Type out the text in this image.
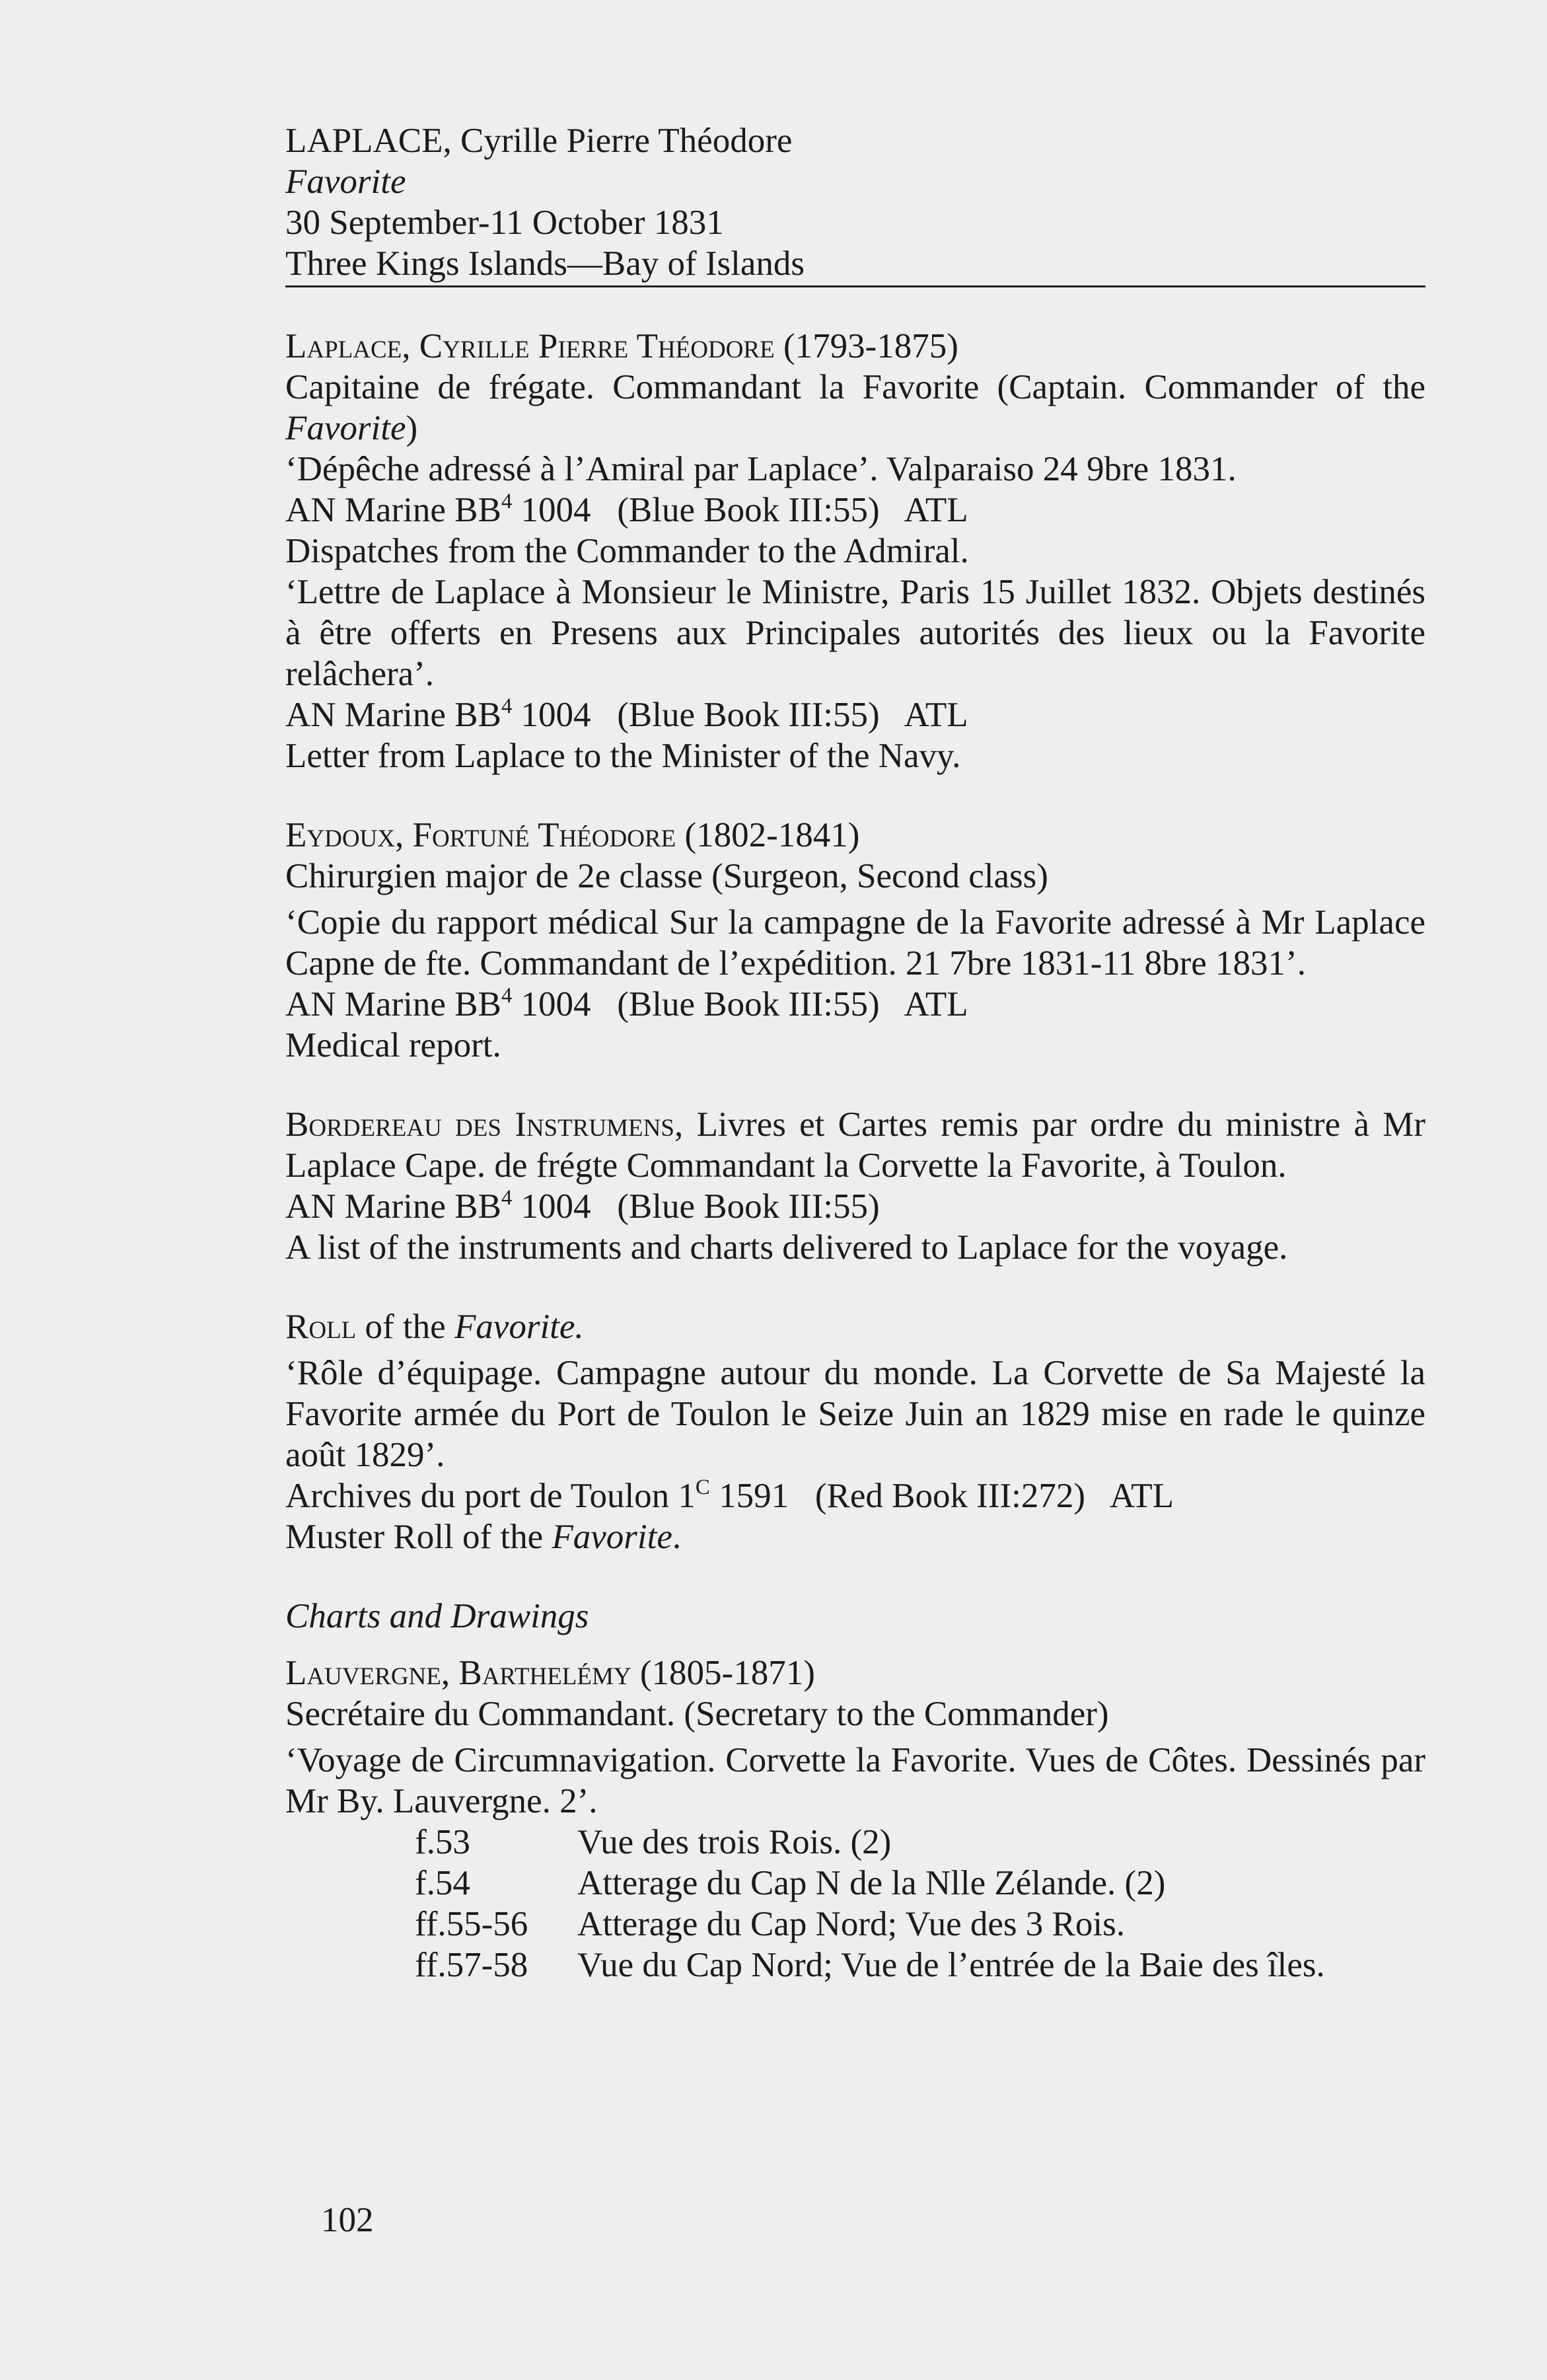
LAPLACE, Cyrille Pierre Théodore
Favorite
30 September-11 October 1831
Three Kings Islands—Bay of Islands
Laplace, Cyrille Pierre Théodore (1793-1875)
Capitaine de frégate. Commandant la Favorite (Captain. Commander of the Favorite)
‘Dépêche adressé à l’Amiral par Laplace’. Valparaiso 24 9bre 1831.
AN Marine $BB^4$ 1004   (Blue Book III:55)   ATL
Dispatches from the Commander to the Admiral.
‘Lettre de Laplace à Monsieur le Ministre, Paris 15 Juillet 1832. Objets destinés à être offerts en Presens aux Principales autorités des lieux ou la Favorite relâchera’.
AN Marine $BB^4$ 1004   (Blue Book III:55)   ATL
Letter from Laplace to the Minister of the Navy.
Eydoux, Fortuné Théodore (1802-1841)
Chirurgien major de 2e classe (Surgeon, Second class)
‘Copie du rapport médical Sur la campagne de la Favorite adressé à Mr Laplace Capne de fte. Commandant de l’expédition. 21 7bre 1831-11 8bre 1831’.
AN Marine $BB^4$ 1004   (Blue Book III:55)   ATL
Medical report.
Bordereau des Instrumens, Livres et Cartes remis par ordre du ministre à Mr Laplace Cape. de frégte Commandant la Corvette la Favorite, à Toulon.
AN Marine $BB^4$ 1004   (Blue Book III:55)
A list of the instruments and charts delivered to Laplace for the voyage.
Roll of the Favorite.
‘Rôle d’équipage. Campagne autour du monde. La Corvette de Sa Majesté la Favorite armée du Port de Toulon le Seize Juin an 1829 mise en rade le quinze août 1829’.
Archives du port de Toulon $1^C$ 1591   (Red Book III:272)   ATL
Muster Roll of the Favorite.
Charts and Drawings
Lauvergne, Barthelémy (1805-1871)
Secrétaire du Commandant. (Secretary to the Commander)
‘Voyage de Circumnavigation. Corvette la Favorite. Vues de Côtes. Dessinés par Mr By. Lauvergne. 2’.
f.53	Vue des trois Rois. (2)
f.54	Atterage du Cap N de la Nlle Zélande. (2)
ff.55-56	Atterage du Cap Nord; Vue des 3 Rois.
ff.57-58	Vue du Cap Nord; Vue de l’entrée de la Baie des îles.
102
